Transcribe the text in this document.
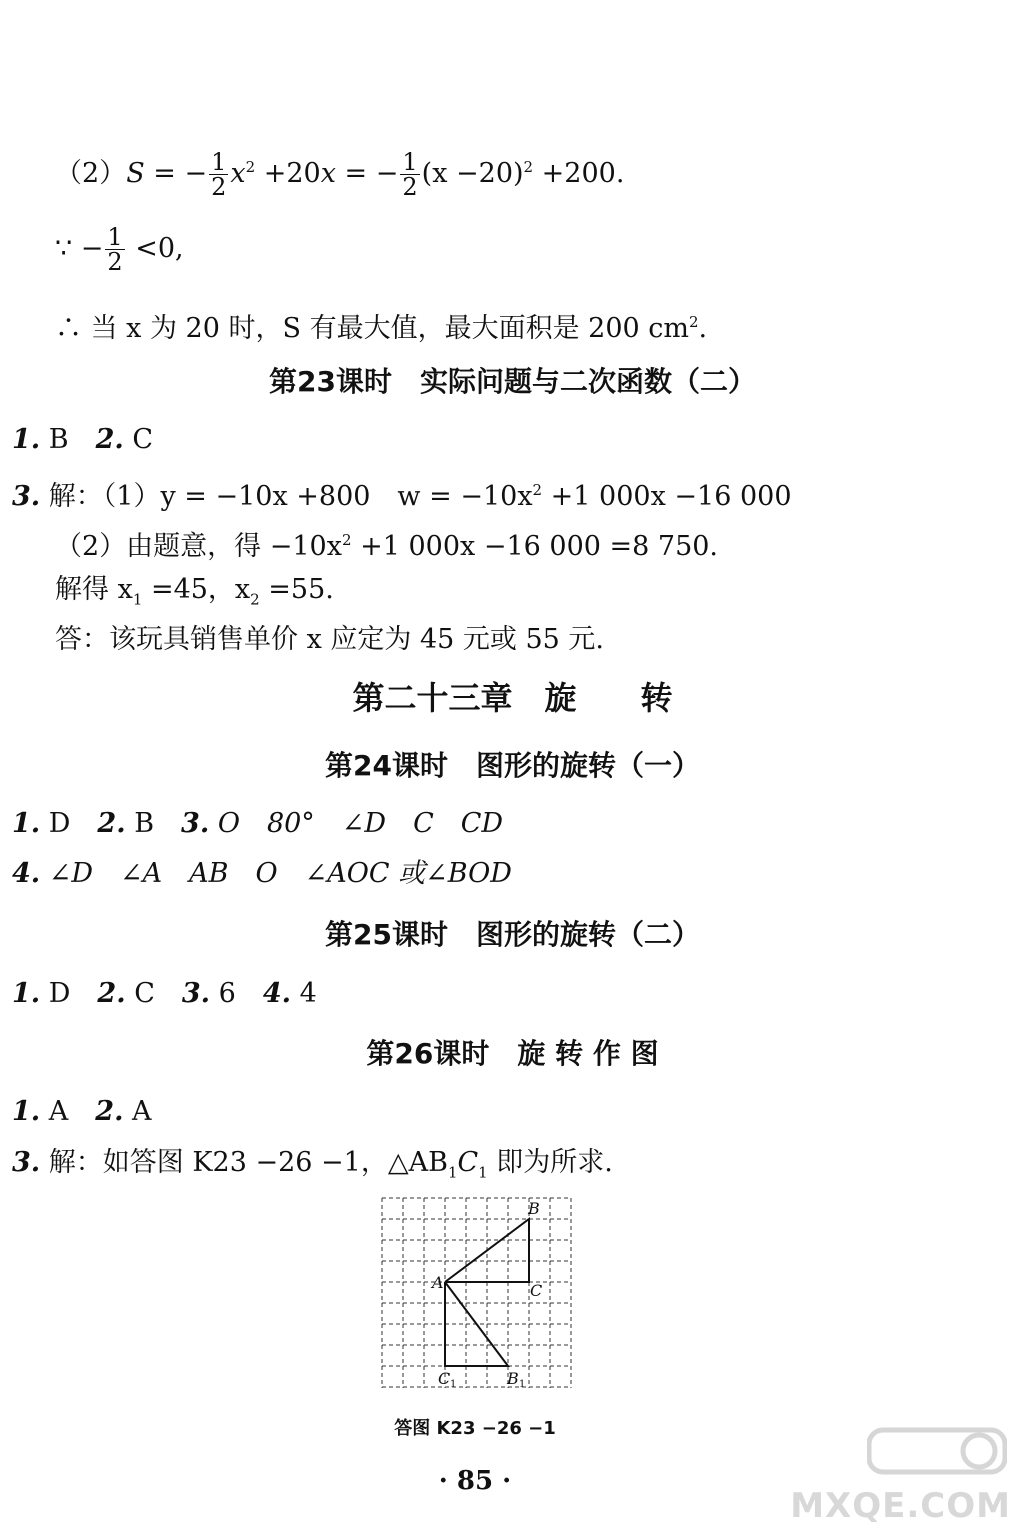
（2）S = − $\frac{1}{2} x^2 +20x$ = − $\frac{1}{2} (x -20)^2 +200$.
∵ − $\frac{1}{2} <0$,
∴ 当 x 为 20 时，S 有最大值，最大面积是 200 $cm^2$.
第23课时　实际问题与二次函数（二）
1. B　2. C
3. 解：（1）y = −10x +800　$w = -10x^2 +1$ 000x −16 000
（2）由题意，得 $-10x^2 +1$ 000x −16 000 =8 750.
解得 $x_1 =45$，$x_2 =55$.
答：该玩具销售单价 x 应定为 45 元或 55 元.
第二十三章　旋　　转
第24课时　图形的旋转（一）
1. D　2. B　3. O　80°　∠D　C　CD
4. ∠D　∠A　AB　O　∠AOC 或∠BOD
第25课时　图形的旋转（二）
1. D　2. C　3. 6　4. 4
第26课时　旋 转 作 图
1. A　2. A
3. 解：如答图 K23 −26 −1，$\triangle AB_1C_1$ 即为所求.
A
B
C
C 1	B 1
答图 K23 −26 −1
· 85 ·
MXQE.COM
